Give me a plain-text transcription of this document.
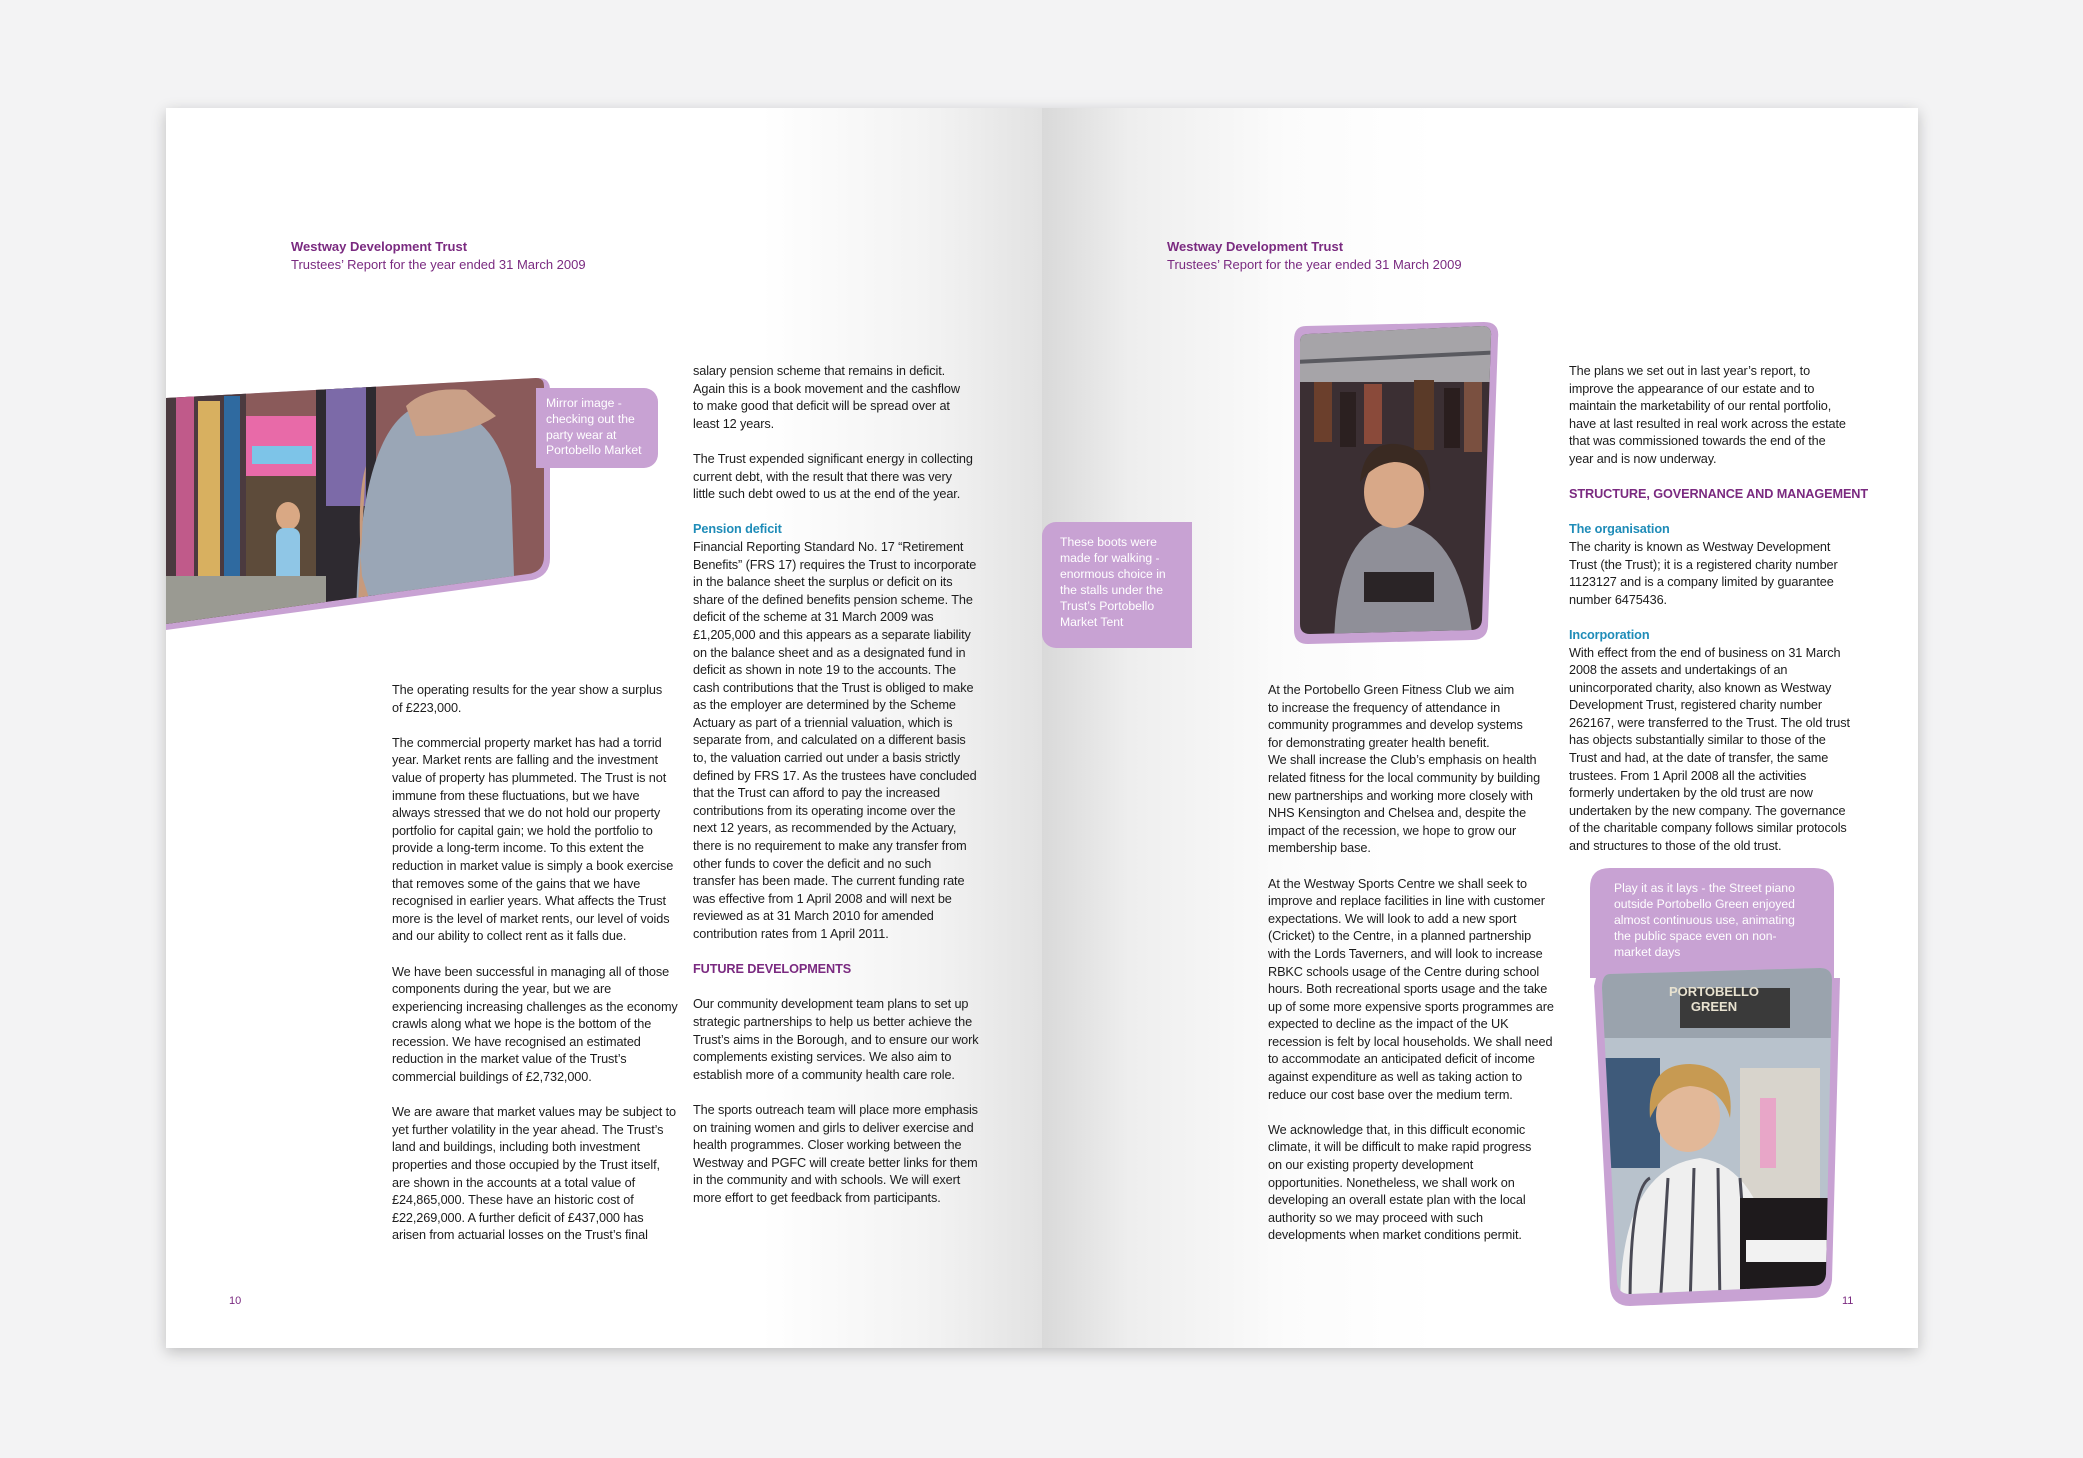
Westway Development Trust
Trustees’ Report for the year ended 31 March 2009
Mirror image -
checking out the
party wear at
Portobello Market

The operating results for the year show a surplus
of £223,000.

The commercial property market has had a torrid
year. Market rents are falling and the investment
value of property has plummeted. The Trust is not
immune from these fluctuations, but we have
always stressed that we do not hold our property
portfolio for capital gain; we hold the portfolio to
provide a long-term income. To this extent the
reduction in market value is simply a book exercise
that removes some of the gains that we have
recognised in earlier years. What affects the Trust
more is the level of market rents, our level of voids
and our ability to collect rent as it falls due.

We have been successful in managing all of those
components during the year, but we are
experiencing increasing challenges as the economy
crawls along what we hope is the bottom of the
recession. We have recognised an estimated
reduction in the market value of the Trust’s
commercial buildings of £2,732,000.

We are aware that market values may be subject to
yet further volatility in the year ahead. The Trust’s
land and buildings, including both investment
properties and those occupied by the Trust itself,
are shown in the accounts at a total value of
£24,865,000. These have an historic cost of
£22,269,000. A further deficit of £437,000 has
arisen from actuarial losses on the Trust’s final

salary pension scheme that remains in deficit.
Again this is a book movement and the cashflow
to make good that deficit will be spread over at
least 12 years.

The Trust expended significant energy in collecting
current debt, with the result that there was very
little such debt owed to us at the end of the year.

Pension deficit

Financial Reporting Standard No. 17 “Retirement
Benefits” (FRS 17) requires the Trust to incorporate
in the balance sheet the surplus or deficit on its
share of the defined benefits pension scheme. The
deficit of the scheme at 31 March 2009 was
£1,205,000 and this appears as a separate liability
on the balance sheet and as a designated fund in
deficit as shown in note 19 to the accounts. The
cash contributions that the Trust is obliged to make
as the employer are determined by the Scheme
Actuary as part of a triennial valuation, which is
separate from, and calculated on a different basis
to, the valuation carried out under a basis strictly
defined by FRS 17. As the trustees have concluded
that the Trust can afford to pay the increased
contributions from its operating income over the
next 12 years, as recommended by the Actuary,
there is no requirement to make any transfer from
other funds to cover the deficit and no such
transfer has been made. The current funding rate
was effective from 1 April 2008 and will next be
reviewed as at 31 March 2010 for amended
contribution rates from 1 April 2011.

FUTURE DEVELOPMENTS

Our community development team plans to set up
strategic partnerships to help us better achieve the
Trust’s aims in the Borough, and to ensure our work
complements existing services. We also aim to
establish more of a community health care role.

The sports outreach team will place more emphasis
on training women and girls to deliver exercise and
health programmes. Closer working between the
Westway and PGFC will create better links for them
in the community and with schools. We will exert
more effort to get feedback from participants.

10
Westway Development Trust
Trustees’ Report for the year ended 31 March 2009
These boots were
made for walking -
enormous choice in
the stalls under the
Trust’s Portobello
Market Tent

At the Portobello Green Fitness Club we aim
to increase the frequency of attendance in
community programmes and develop systems
for demonstrating greater health benefit.
We shall increase the Club’s emphasis on health
related fitness for the local community by building
new partnerships and working more closely with
NHS Kensington and Chelsea and, despite the
impact of the recession, we hope to grow our
membership base.

At the Westway Sports Centre we shall seek to
improve and replace facilities in line with customer
expectations. We will look to add a new sport
(Cricket) to the Centre, in a planned partnership
with the Lords Taverners, and will look to increase
RBKC schools usage of the Centre during school
hours. Both recreational sports usage and the take
up of some more expensive sports programmes are
expected to decline as the impact of the UK
recession is felt by local households. We shall need
to accommodate an anticipated deficit of income
against expenditure as well as taking action to
reduce our cost base over the medium term.

We acknowledge that, in this difficult economic
climate, it will be difficult to make rapid progress
on our existing property development
opportunities. Nonetheless, we shall work on
developing an overall estate plan with the local
authority so we may proceed with such
developments when market conditions permit.

The plans we set out in last year’s report, to
improve the appearance of our estate and to
maintain the marketability of our rental portfolio,
have at last resulted in real work across the estate
that was commissioned towards the end of the
year and is now underway.

STRUCTURE, GOVERNANCE AND MANAGEMENT
The organisation

The charity is known as Westway Development
Trust (the Trust); it is a registered charity number
1123127 and is a company limited by guarantee
number 6475436.

Incorporation

With effect from the end of business on 31 March
2008 the assets and undertakings of an
unincorporated charity, also known as Westway
Development Trust, registered charity number
262167, were transferred to the Trust. The old trust
has objects substantially similar to those of the
Trust and had, at the date of transfer, the same
trustees. From 1 April 2008 all the activities
formerly undertaken by the old trust are now
undertaken by the new company. The governance
of the charitable company follows similar protocols
and structures to those of the old trust.

PORTOBELLO
GREEN
Play it as it lays - the Street piano
outside Portobello Green enjoyed
almost continuous use, animating
the public space even on non-
market days
11
